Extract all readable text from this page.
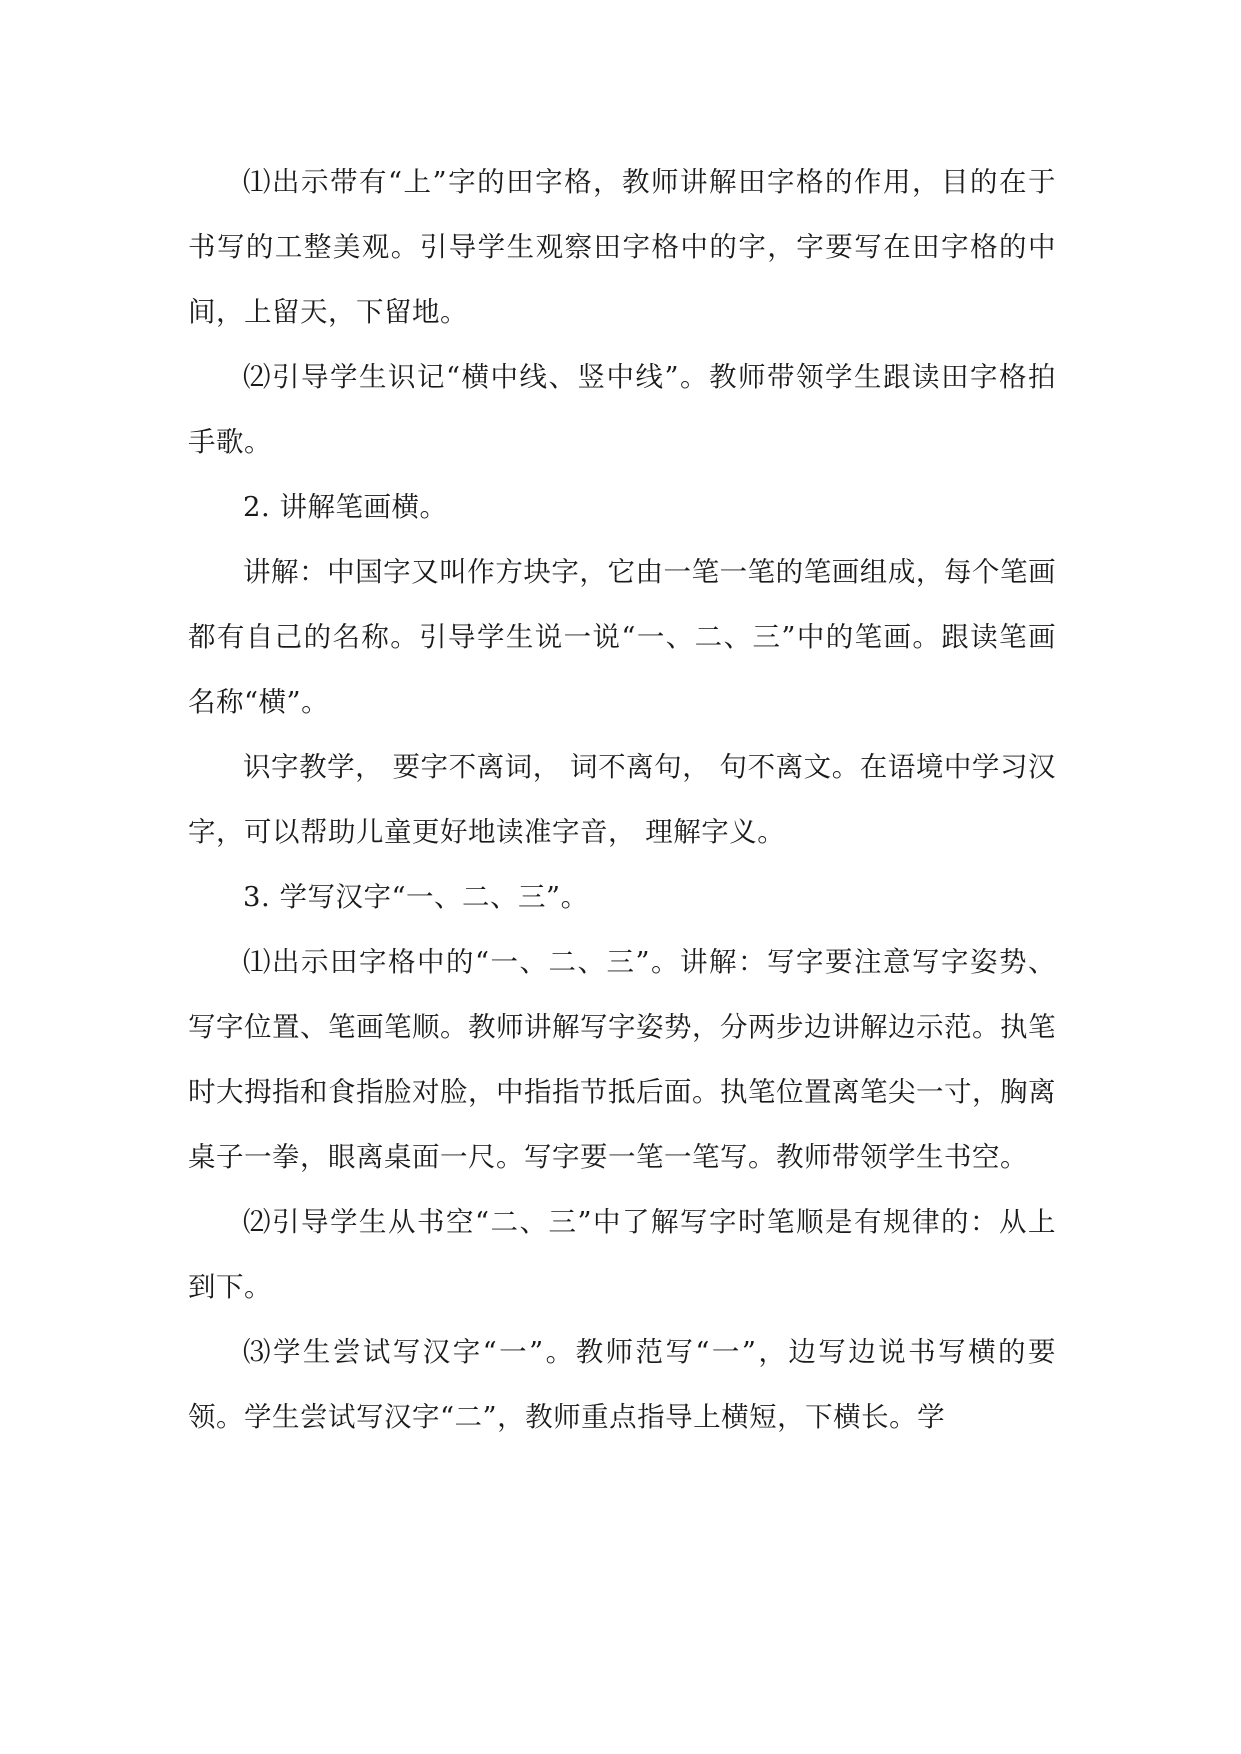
⑴出示带有“上”字的田字格，教师讲解田字格的作用，目的在于书写的工整美观。引导学生观察田字格中的字，字要写在田字格的中间，上留天，下留地。

⑵引导学生识记“横中线、竖中线”。教师带领学生跟读田字格拍手歌。

2. 讲解笔画横。

讲解：中国字又叫作方块字，它由一笔一笔的笔画组成，每个笔画都有自己的名称。引导学生说一说“一、二、三”中的笔画。跟读笔画名称“横”。

识字教学， 要字不离词， 词不离句， 句不离文。在语境中学习汉字，可以帮助儿童更好地读准字音， 理解字义。

3. 学写汉字“一、二、三”。

⑴出示田字格中的“一、二、三”。讲解：写字要注意写字姿势、写字位置、笔画笔顺。教师讲解写字姿势，分两步边讲解边示范。执笔时大拇指和食指脸对脸，中指指节抵后面。执笔位置离笔尖一寸，胸离桌子一拳，眼离桌面一尺。写字要一笔一笔写。教师带领学生书空。

⑵引导学生从书空“二、三”中了解写字时笔顺是有规律的：从上到下。

⑶学生尝试写汉字“一”。教师范写“一”，边写边说书写横的要领。学生尝试写汉字“二”，教师重点指导上横短，下横长。学
